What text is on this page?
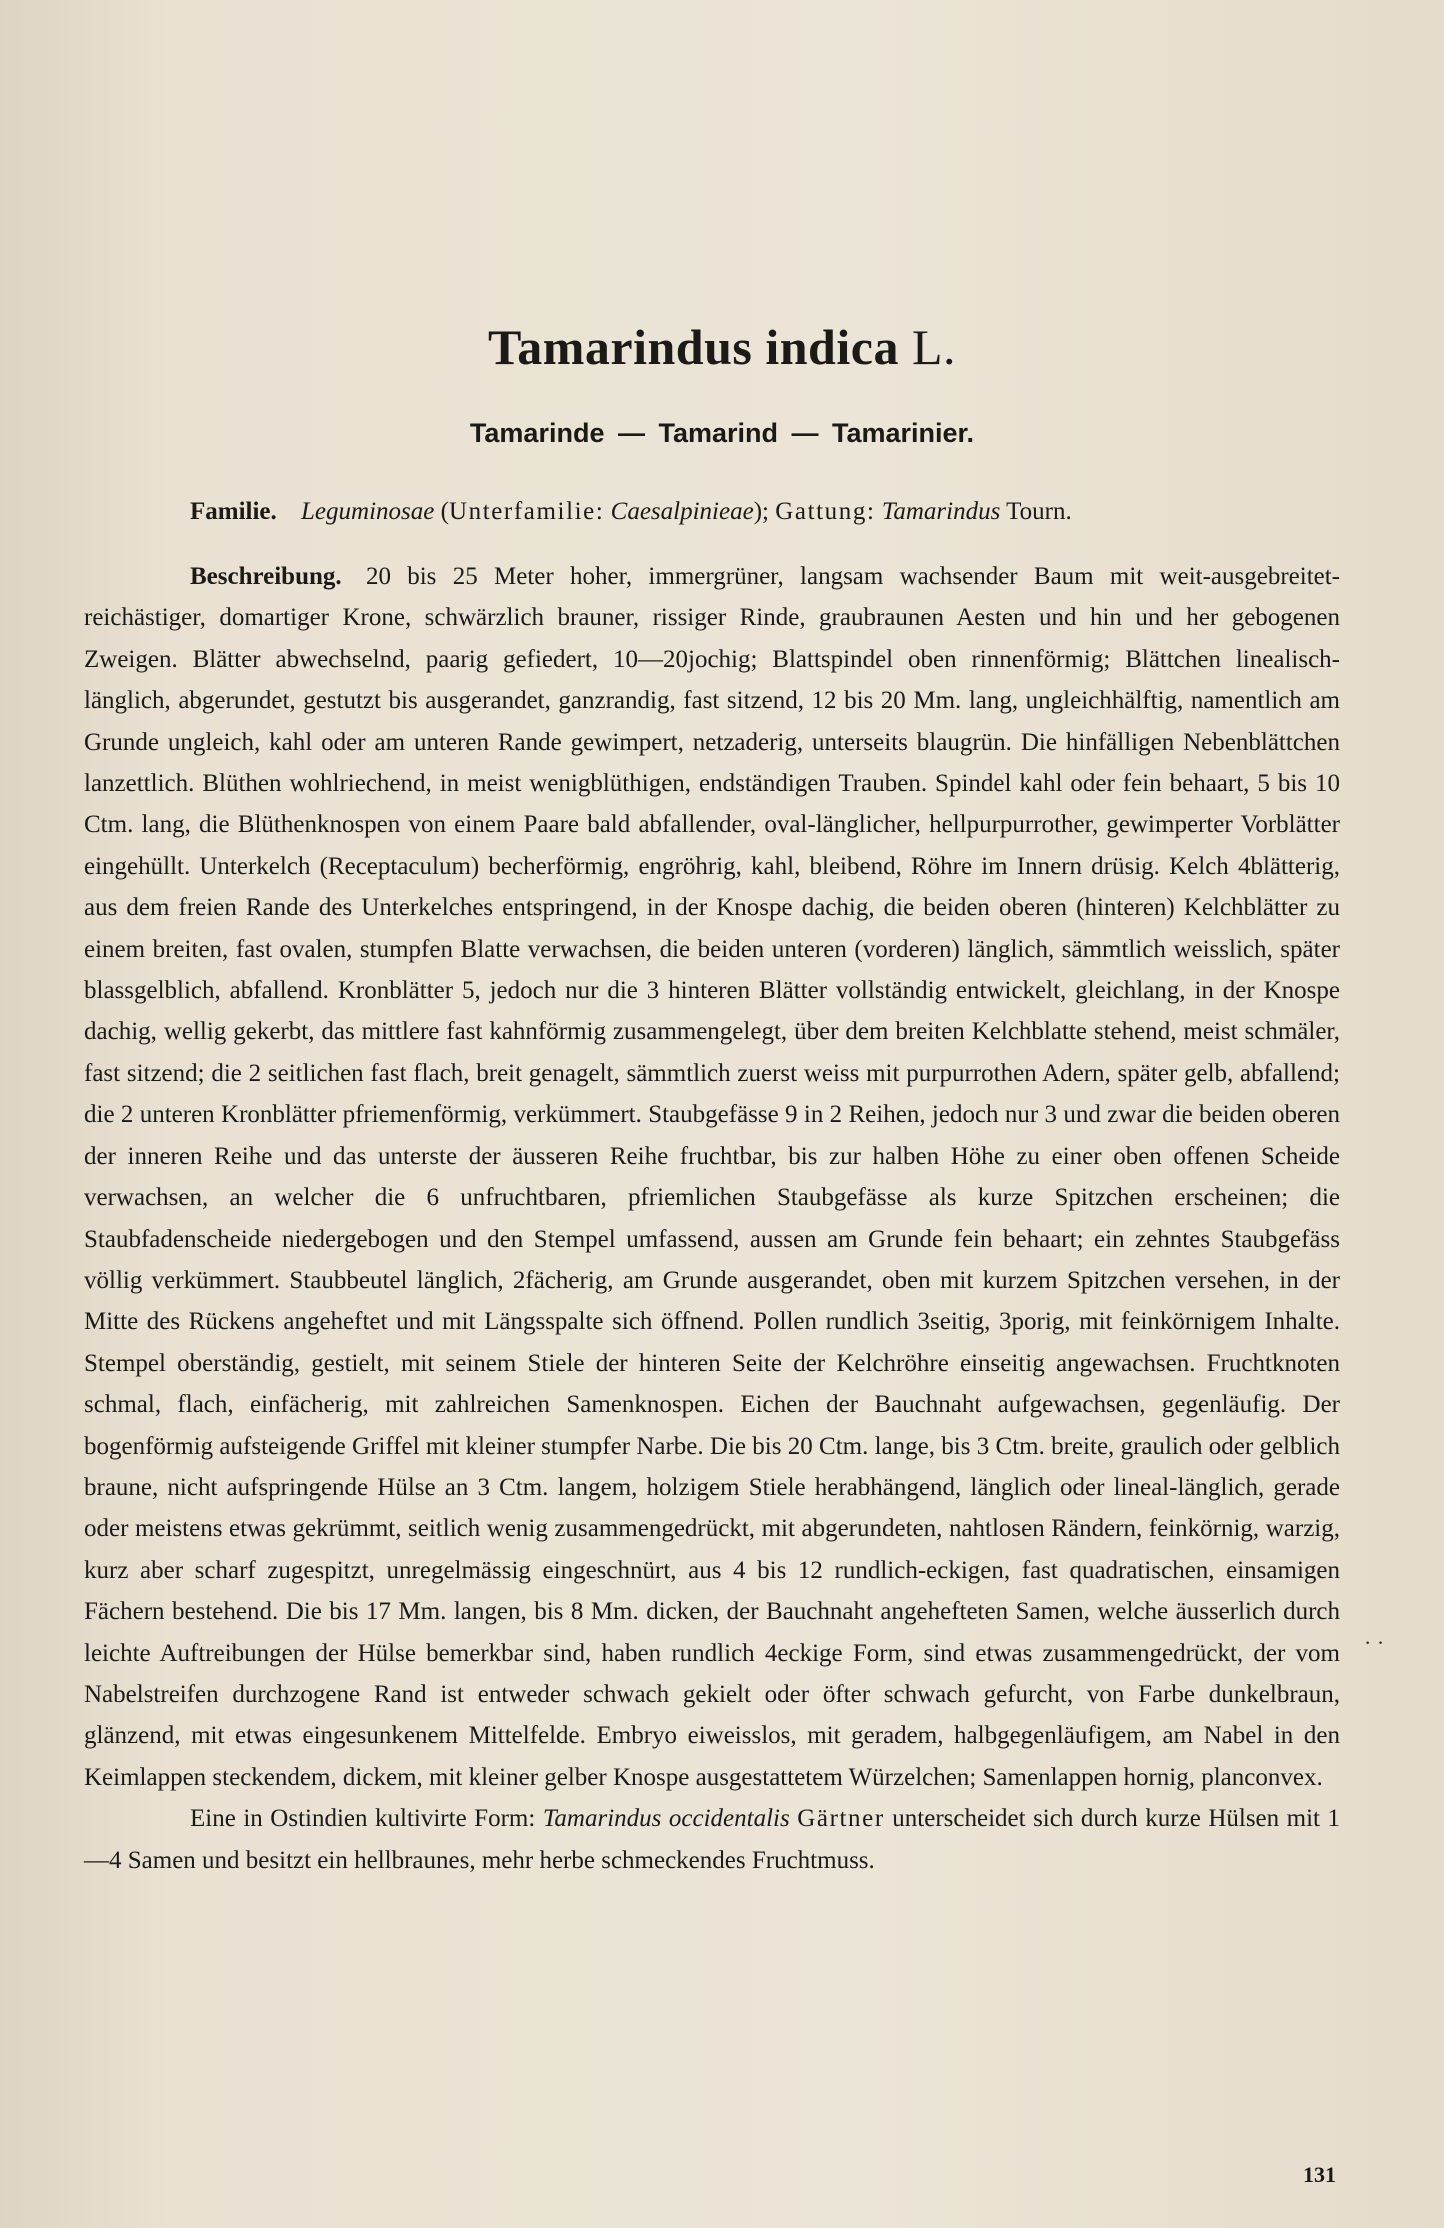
Tamarindus indica L.
Tamarinde — Tamarind — Tamarinier.
Familie. Leguminosae (Unterfamilie: Caesalpinieae); Gattung: Tamarindus Tourn.

Beschreibung. 20 bis 25 Meter hoher, immergrüner, langsam wachsender Baum mit weit-ausgebreitet-reichästiger, domartiger Krone, schwärzlich brauner, rissiger Rinde, graubraunen Aesten und hin und her gebogenen Zweigen. Blätter abwechselnd, paarig gefiedert, 10—20jochig; Blattspindel oben rinnenförmig; Blättchen linealisch-länglich, abgerundet, gestutzt bis ausgerandet, ganzrandig, fast sitzend, 12 bis 20 Mm. lang, ungleichhälftig, namentlich am Grunde ungleich, kahl oder am unteren Rande gewimpert, netzaderig, unterseits blaugrün. Die hinfälligen Nebenblättchen lanzettlich. Blüthen wohlriechend, in meist wenigblüthigen, endständigen Trauben. Spindel kahl oder fein behaart, 5 bis 10 Ctm. lang, die Blüthenknospen von einem Paare bald abfallender, oval-länglicher, hellpurpurrother, gewimperter Vorblätter eingehüllt. Unterkelch (Receptaculum) becherförmig, engröhrig, kahl, bleibend, Röhre im Innern drüsig. Kelch 4blätterig, aus dem freien Rande des Unterkelches entspringend, in der Knospe dachig, die beiden oberen (hinteren) Kelchblätter zu einem breiten, fast ovalen, stumpfen Blatte verwachsen, die beiden unteren (vorderen) länglich, sämmtlich weisslich, später blassgelblich, abfallend. Kronblätter 5, jedoch nur die 3 hinteren Blätter vollständig entwickelt, gleichlang, in der Knospe dachig, wellig gekerbt, das mittlere fast kahnförmig zusammengelegt, über dem breiten Kelchblatte stehend, meist schmäler, fast sitzend; die 2 seitlichen fast flach, breit genagelt, sämmtlich zuerst weiss mit purpurrothen Adern, später gelb, abfallend; die 2 unteren Kronblätter pfriemenförmig, verkümmert. Staubgefässe 9 in 2 Reihen, jedoch nur 3 und zwar die beiden oberen der inneren Reihe und das unterste der äusseren Reihe fruchtbar, bis zur halben Höhe zu einer oben offenen Scheide verwachsen, an welcher die 6 unfruchtbaren, pfriemlichen Staubgefässe als kurze Spitzchen erscheinen; die Staubfadenscheide niedergebogen und den Stempel umfassend, aussen am Grunde fein behaart; ein zehntes Staubgefäss völlig verkümmert. Staubbeutel länglich, 2fächerig, am Grunde ausgerandet, oben mit kurzem Spitzchen versehen, in der Mitte des Rückens angeheftet und mit Längsspalte sich öffnend. Pollen rundlich 3seitig, 3porig, mit feinkörnigem Inhalte. Stempel oberständig, gestielt, mit seinem Stiele der hinteren Seite der Kelchröhre einseitig angewachsen. Fruchtknoten schmal, flach, einfächerig, mit zahlreichen Samenknospen. Eichen der Bauchnaht aufgewachsen, gegenläufig. Der bogenförmig aufsteigende Griffel mit kleiner stumpfer Narbe. Die bis 20 Ctm. lange, bis 3 Ctm. breite, graulich oder gelblich braune, nicht aufspringende Hülse an 3 Ctm. langem, holzigem Stiele herabhängend, länglich oder lineal-länglich, gerade oder meistens etwas gekrümmt, seitlich wenig zusammengedrückt, mit abgerundeten, nahtlosen Rändern, feinkörnig, warzig, kurz aber scharf zugespitzt, unregelmässig eingeschnürt, aus 4 bis 12 rundlich-eckigen, fast quadratischen, einsamigen Fächern bestehend. Die bis 17 Mm. langen, bis 8 Mm. dicken, der Bauchnaht angehefteten Samen, welche äusserlich durch leichte Auftreibungen der Hülse bemerkbar sind, haben rundlich 4eckige Form, sind etwas zusammengedrückt, der vom Nabelstreifen durchzogene Rand ist entweder schwach gekielt oder öfter schwach gefurcht, von Farbe dunkelbraun, glänzend, mit etwas eingesunkenem Mittelfelde. Embryo eiweisslos, mit geradem, halbgegenläufigem, am Nabel in den Keimlappen steckendem, dickem, mit kleiner gelber Knospe ausgestattetem Würzelchen; Samenlappen hornig, planconvex.

Eine in Ostindien kultivirte Form: Tamarindus occidentalis Gärtner unterscheidet sich durch kurze Hülsen mit 1—4 Samen und besitzt ein hellbraunes, mehr herbe schmeckendes Fruchtmuss.

· ·
131
